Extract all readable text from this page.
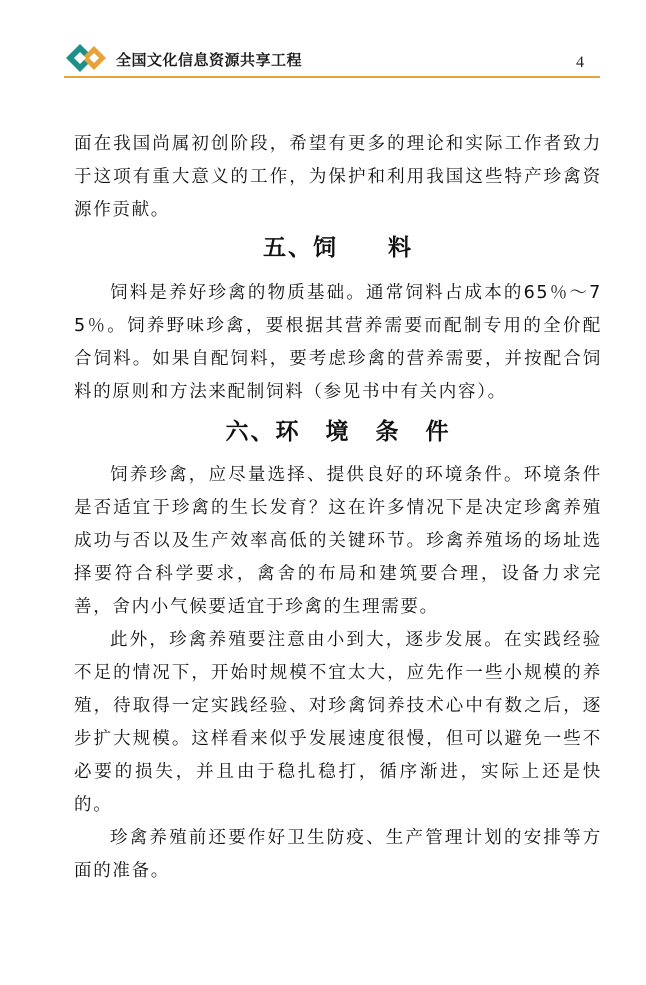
全国文化信息资源共享工程	4

面在我国尚属初创阶段，希望有更多的理论和实际工作者致力于这项有重大意义的工作，为保护和利用我国这些特产珍禽资源作贡献。

五、饲　　料

饲料是养好珍禽的物质基础。通常饲料占成本的65％～75％。饲养野味珍禽，要根据其营养需要而配制专用的全价配合饲料。如果自配饲料，要考虑珍禽的营养需要，并按配合饲料的原则和方法来配制饲料（参见书中有关内容）。

六、环　境　条　件

饲养珍禽，应尽量选择、提供良好的环境条件。环境条件是否适宜于珍禽的生长发育？这在许多情况下是决定珍禽养殖成功与否以及生产效率高低的关键环节。珍禽养殖场的场址选择要符合科学要求，禽舍的布局和建筑要合理，设备力求完善，舍内小气候要适宜于珍禽的生理需要。

此外，珍禽养殖要注意由小到大，逐步发展。在实践经验不足的情况下，开始时规模不宜太大，应先作一些小规模的养殖，待取得一定实践经验、对珍禽饲养技术心中有数之后，逐步扩大规模。这样看来似乎发展速度很慢，但可以避免一些不必要的损失，并且由于稳扎稳打，循序渐进，实际上还是快的。

珍禽养殖前还要作好卫生防疫、生产管理计划的安排等方面的准备。
